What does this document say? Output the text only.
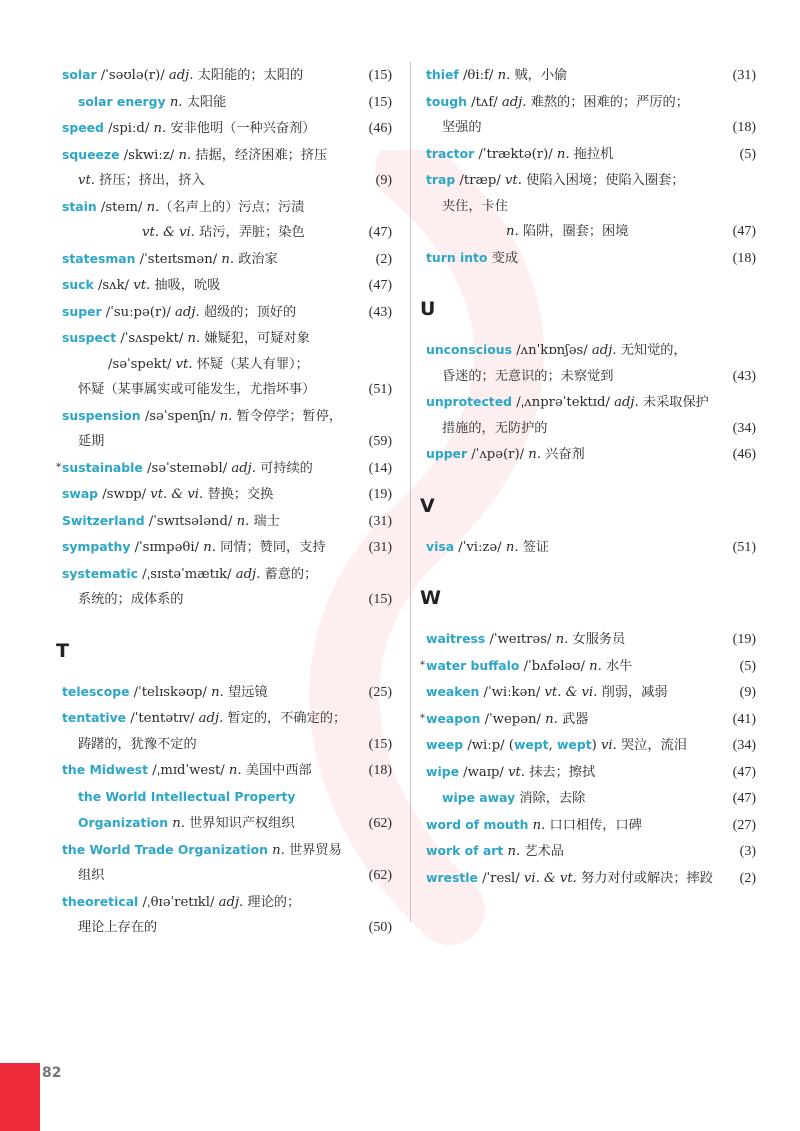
solar /ˈsəʊlə(r)/ adj. 太阳能的；太阳的	(15)
solar energy n. 太阳能	(15)
speed /spiːd/ n. 安非他明（一种兴奋剂）	(46)
squeeze /skwiːz/ n. 拮据，经济困难；挤压
vt. 挤压；挤出，挤入	(9)
stain /steɪn/ n.（名声上的）污点；污渍
vt. & vi. 玷污，弄脏；染色	(47)
statesman /ˈsteɪtsmən/ n. 政治家	(2)
suck /sʌk/ vt. 抽吸，吮吸	(47)
super /ˈsuːpə(r)/ adj. 超级的；顶好的	(43)
suspect /ˈsʌspekt/ n. 嫌疑犯，可疑对象
/səˈspekt/ vt. 怀疑（某人有罪）；
怀疑（某事属实或可能发生，尤指坏事）	(51)
suspension /səˈspenʃn/ n. 暂令停学；暂停，
延期	(59)
* sustainable /səˈsteɪnəbl/ adj. 可持续的	(14)
swap /swɒp/ vt. & vi. 替换；交换	(19)
Switzerland /ˈswɪtsələnd/ n. 瑞士	(31)
sympathy /ˈsɪmpəθi/ n. 同情；赞同，支持	(31)
systematic /ˌsɪstəˈmætɪk/ adj. 蓄意的；
系统的；成体系的	(15)
T
telescope /ˈtelɪskəʊp/ n. 望远镜	(25)
tentative /ˈtentətɪv/ adj. 暂定的，不确定的；
踌躇的，犹豫不定的	(15)
the Midwest /ˌmɪdˈwest/ n. 美国中西部	(18)
the World Intellectual Property
Organization n. 世界知识产权组织	(62)
the World Trade Organization n. 世界贸易
组织	(62)
theoretical /ˌθɪəˈretɪkl/ adj. 理论的；
理论上存在的	(50)
thief /θiːf/ n. 贼，小偷	(31)
tough /tʌf/ adj. 难熬的；困难的；严厉的；
坚强的	(18)
tractor /ˈtræktə(r)/ n. 拖拉机	(5)
trap /træp/ vt. 使陷入困境；使陷入圈套；
夹住，卡住
n. 陷阱，圈套；困境	(47)
turn into 变成	(18)
U
unconscious /ʌnˈkɒnʃəs/ adj. 无知觉的，
昏迷的；无意识的；未察觉到	(43)
unprotected /ˌʌnprəˈtektɪd/ adj. 未采取保护
措施的，无防护的	(34)
upper /ˈʌpə(r)/ n. 兴奋剂	(46)
V
visa /ˈviːzə/ n. 签证	(51)
W
waitress /ˈweɪtrəs/ n. 女服务员	(19)
* water buffalo /ˈbʌfələʊ/ n. 水牛	(5)
weaken /ˈwiːkən/ vt. & vi. 削弱，减弱	(9)
* weapon /ˈwepən/ n. 武器	(41)
weep /wiːp/ (wept, wept) vi. 哭泣，流泪	(34)
wipe /waɪp/ vt. 抹去；擦拭	(47)
wipe away 消除，去除	(47)
word of mouth n. 口口相传，口碑	(27)
work of art n. 艺术品	(3)
wrestle /ˈresl/ vi. & vt. 努力对付或解决；摔跤	(2)
82
